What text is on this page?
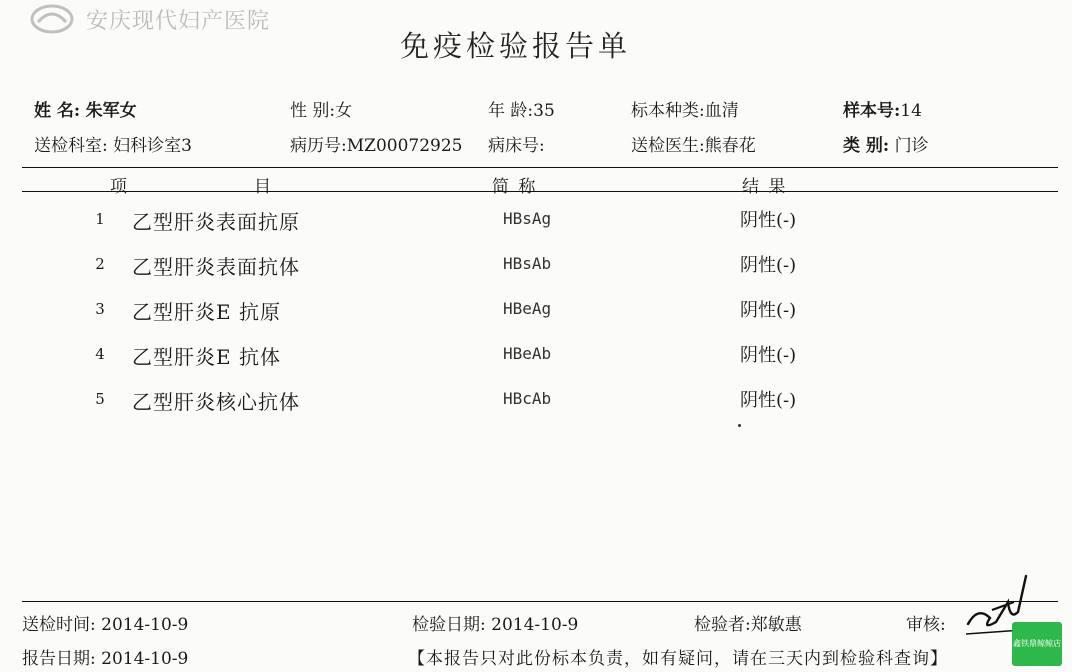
安庆现代妇产医院
免疫检验报告单
姓 名: 朱军女	性 别:女	年 龄:35	标本种类:血清	样本号:14
送检科室: 妇科诊室3	病历号:MZ00072925 病床号:	送检医生:熊春花	类 别: 门诊
项	目	简 称	结 果
1 乙型肝炎表面抗原	HBsAg	阴性(-)
2 乙型肝炎表面抗体	HBsAb	阴性(-)
3 乙型肝炎E 抗原	HBeAg	阴性(-)
4 乙型肝炎E 抗体	HBeAb	阴性(-)
5 乙型肝炎核心抗体	HBcAb	阴性(-)
送检时间: 2014-10-9	检验日期: 2014-10-9	检验者:郑敏惠	审核:
报告日期: 2014-10-9	【本报告只对此份标本负责，如有疑问，请在三天内到检验科查询】
鑫铁鼎鲸鲸店
